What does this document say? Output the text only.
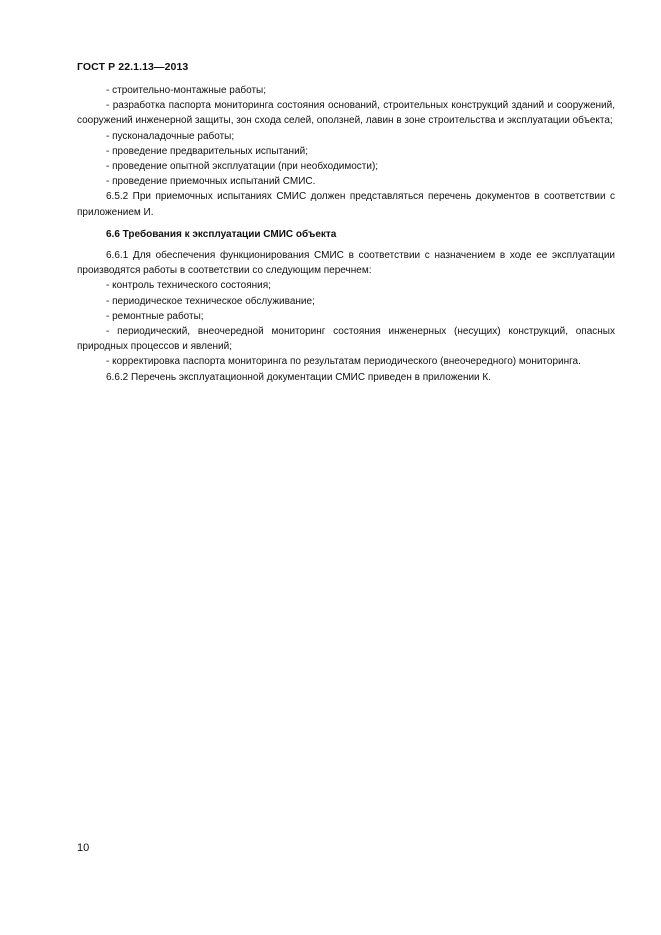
ГОСТ Р 22.1.13—2013

- строительно-монтажные работы;

- разработка паспорта мониторинга состояния оснований, строительных конструкций зданий и сооружений, сооружений инженерной защиты, зон схода селей, оползней, лавин в зоне строительства и эксплуатации объекта;

- пусконаладочные работы;

- проведение предварительных испытаний;

- проведение опытной эксплуатации (при необходимости);

- проведение приемочных испытаний СМИС.

6.5.2 При приемочных испытаниях СМИС должен представляться перечень документов в соответствии с приложением И.

6.6 Требования к эксплуатации СМИС объекта

6.6.1 Для обеспечения функционирования СМИС в соответствии с назначением в ходе ее эксплуатации производятся работы в соответствии со следующим перечнем:

- контроль технического состояния;

- периодическое техническое обслуживание;

- ремонтные работы;

- периодический, внеочередной мониторинг состояния инженерных (несущих) конструкций, опасных природных процессов и явлений;

- корректировка паспорта мониторинга по результатам периодического (внеочередного) мониторинга.

6.6.2 Перечень эксплуатационной документации СМИС приведен в приложении К.

10
